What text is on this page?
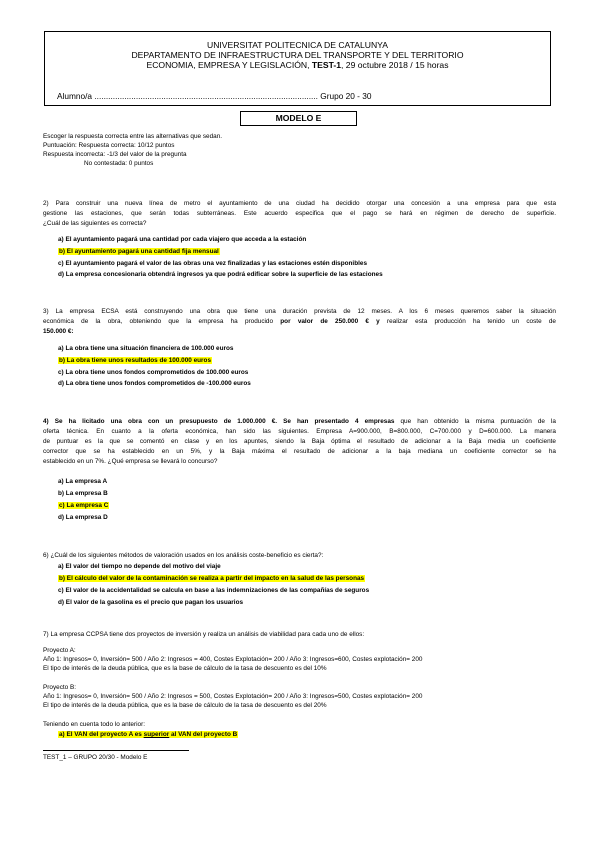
UNIVERSITAT POLITECNICA DE CATALUNYA
DEPARTAMENTO DE INFRAESTRUCTURA DEL TRANSPORTE Y DEL TERRITORIO
ECONOMIA, EMPRESA Y LEGISLACIÓN, TEST-1, 29 octubre 2018 / 15 horas
Alumno/a ................................................................................................. Grupo 20 - 30
MODELO E
Escoger la respuesta correcta entre las alternativas que sedan.
Puntuación: Respuesta correcta: 10/12 puntos
Respuesta incorrecta: -1/3 del valor de la pregunta
No contestada: 0 puntos
2) Para construir una nueva línea de metro el ayuntamiento de una ciudad ha decidido otorgar una concesión a una empresa para que esta
gestione las estaciones, que serán todas subterráneas. Este acuerdo especifica que el pago se hará en régimen de derecho de superficie.
¿Cuál de las siguientes es correcta?
a) El ayuntamiento pagará una cantidad por cada viajero que acceda a la estación
b) El ayuntamiento pagará una cantidad fija mensual
c) El ayuntamiento pagará el valor de las obras una vez finalizadas y las estaciones estén disponibles
d) La empresa concesionaria obtendrá ingresos ya que podrá edificar sobre la superficie de las estaciones
3) La empresa ECSA está construyendo una obra que tiene una duración prevista de 12 meses. A los 6 meses queremos saber la situación
económica de la obra, obteniendo que la empresa ha producido por valor de 250.000 € y realizar esta producción ha tenido un coste de
150.000 €:
a) La obra tiene una situación financiera de 100.000 euros
b) La obra tiene unos resultados de 100.000 euros
c) La obra tiene unos fondos comprometidos de 100.000 euros
d) La obra tiene unos fondos comprometidos de -100.000 euros
4) Se ha licitado una obra con un presupuesto de 1.000.000 €. Se han presentado 4 empresas que han obtenido la misma puntuación de la
oferta técnica. En cuanto a la oferta económica, han sido las siguientes. Empresa A=900.000, B=800.000, C=700.000 y D=600.000. La manera
de puntuar es la que se comentó en clase y en los apuntes, siendo la Baja óptima el resultado de adicionar a la Baja media un coeficiente
corrector que se ha establecido en un 5%, y la Baja máxima el resultado de adicionar a la baja mediana un coeficiente corrector se ha
establecido en un 7%. ¿Qué empresa se llevará lo concurso?
a) La empresa A
b) La empresa B
c) La empresa C
d) La empresa D
6) ¿Cuál de los siguientes métodos de valoración usados en los análisis coste-beneficio es cierta?:
a) El valor del tiempo no depende del motivo del viaje
b) El cálculo del valor de la contaminación se realiza a partir del impacto en la salud de las personas
c) El valor de la accidentalidad se calcula en base a las indemnizaciones de las compañías de seguros
d) El valor de la gasolina es el precio que pagan los usuarios
7) La empresa CCPSA tiene dos proyectos de inversión y realiza un análisis de viabilidad para cada uno de ellos:
Proyecto A:
Año 1: Ingresos= 0, Inversión= 500 / Año 2: Ingresos = 400, Costes Explotación= 200 / Año 3: Ingresos=600, Costes explotación= 200
El tipo de interés de la deuda pública, que es la base de cálculo de la tasa de descuento es del 10%
Proyecto B:
Año 1: Ingresos= 0, Inversión= 500 / Año 2: Ingresos = 500, Costes Explotación= 200 / Año 3: Ingresos=500, Costes explotación= 200
El tipo de interés de la deuda pública, que es la base de cálculo de la tasa de descuento es del 20%
Teniendo en cuenta todo lo anterior:
a) El VAN del proyecto A es superior al VAN del proyecto B
TEST_1 – GRUPO 20/30 - Modelo E
